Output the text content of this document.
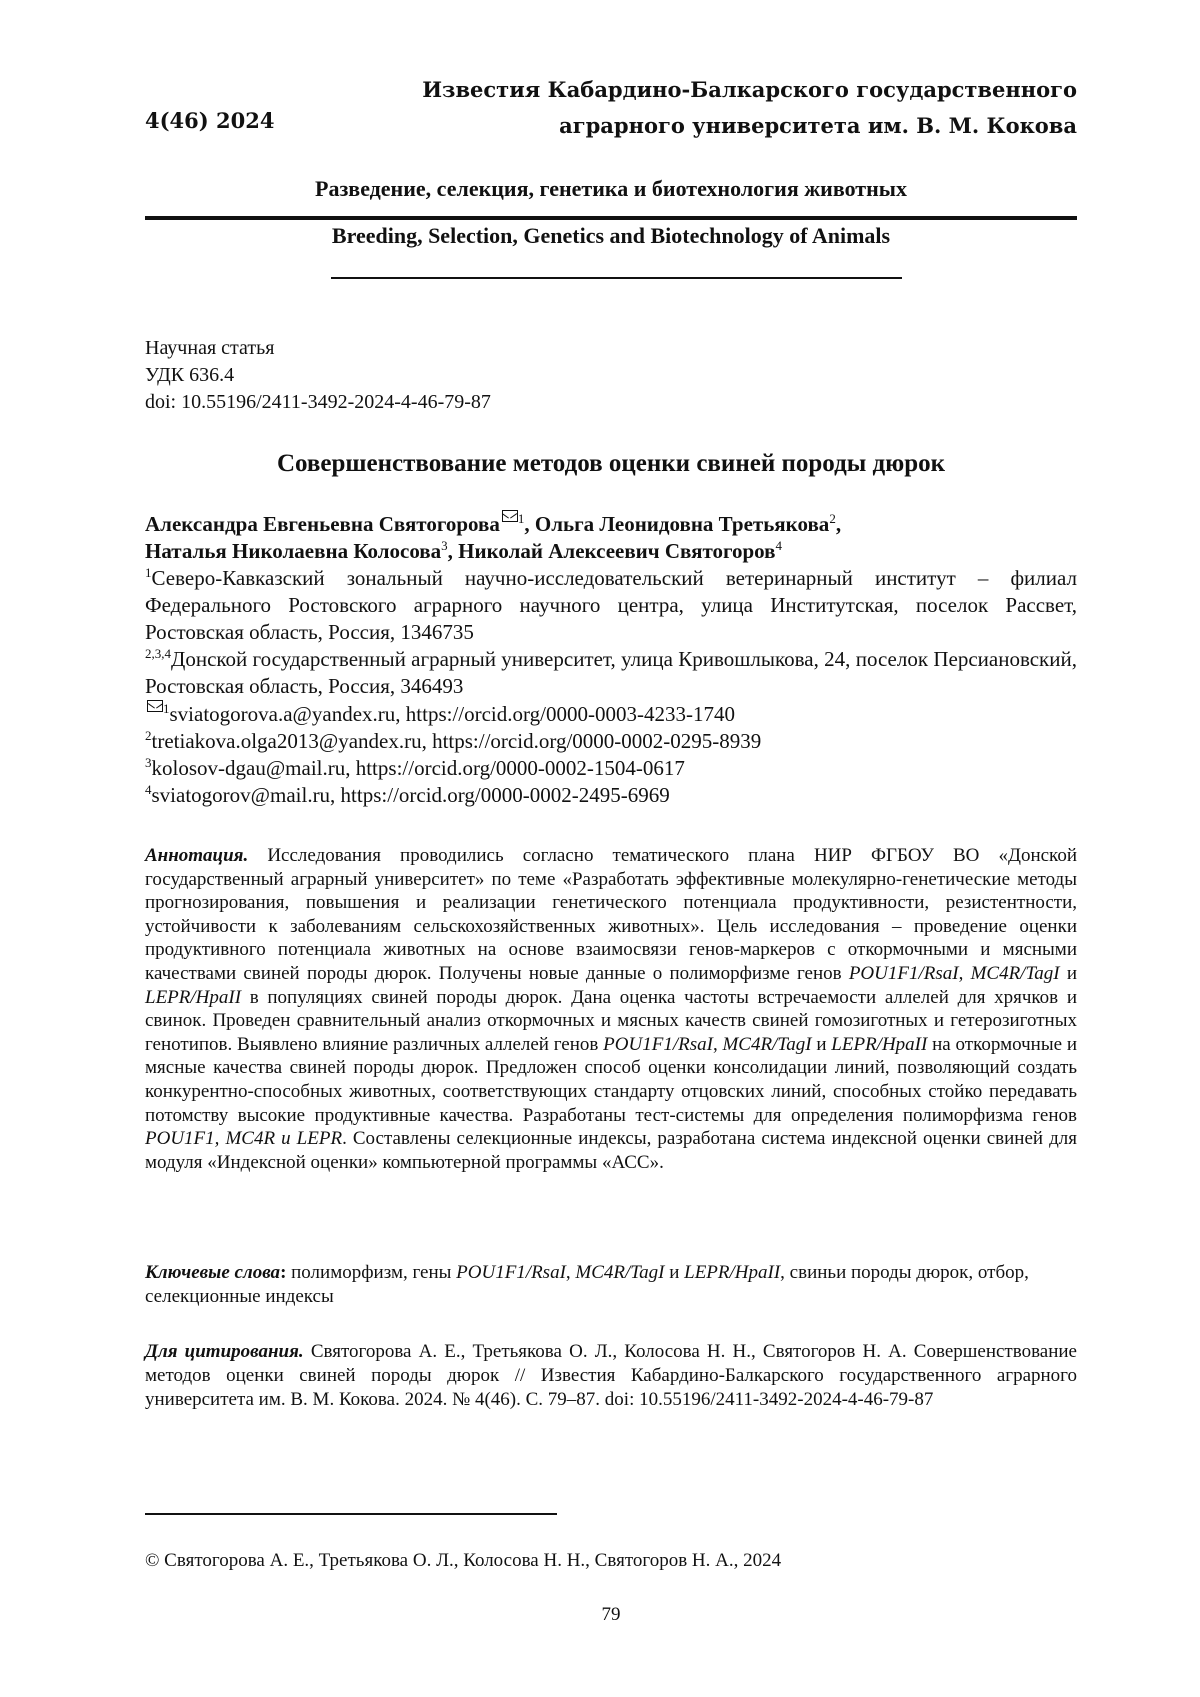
4(46) 2024
Известия Кабардино-Балкарского государственного
аграрного университета им. В. М. Кокова
Разведение, селекция, генетика и биотехнология животных
Breeding, Selection, Genetics and Biotechnology of Animals
Научная статья
УДК 636.4
doi: 10.55196/2411-3492-2024-4-46-79-87
Совершенствование методов оценки свиней породы дюрок
Александра Евгеньевна Святогорова $^1$, Ольга Леонидовна Третьякова$^2$,
Наталья Николаевна Колосова$^3$, Николай Алексеевич Святогоров$^4$
$^1$Северо-Кавказский зональный научно-исследовательский ветеринарный институт – филиал Федерального Ростовского аграрного научного центра, улица Институтская, поселок Рассвет, Ростовская область, Россия, 1346735
$^{2,3,4}$Донской государственный аграрный университет, улица Кривошлыкова, 24, поселок Персиановский, Ростовская область, Россия, 346493
$^1$sviatogorova.a@yandex.ru, https://orcid.org/0000-0003-4233-1740
$^2$tretiakova.olga2013@yandex.ru, https://orcid.org/0000-0002-0295-8939
$^3$kolosov-dgau@mail.ru, https://orcid.org/0000-0002-1504-0617
$^4$sviatogorov@mail.ru, https://orcid.org/0000-0002-2495-6969
Аннотация. Исследования проводились согласно тематического плана НИР ФГБОУ ВО «Донской государственный аграрный университет» по теме «Разработать эффективные молекулярно-генетические методы прогнозирования, повышения и реализации генетического потенциала продуктивности, резистентности, устойчивости к заболеваниям сельскохозяйственных животных». Цель исследования – проведение оценки продуктивного потенциала животных на основе взаимосвязи генов-маркеров с откормочными и мясными качествами свиней породы дюрок. Получены новые данные о полиморфизме генов POU1F1/RsaI, MC4R/TagI и LEPR/HpaII в популяциях свиней породы дюрок. Дана оценка частоты встречаемости аллелей для хрячков и свинок. Проведен сравнительный анализ откормочных и мясных качеств свиней гомозиготных и гетерозиготных генотипов. Выявлено влияние различных аллелей генов POU1F1/RsaI, MC4R/TagI и LEPR/HpaII на откормочные и мясные качества свиней породы дюрок. Предложен способ оценки консолидации линий, позволяющий создать конкурентно-способных животных, соответствующих стандарту отцовских линий, способных стойко передавать потомству высокие продуктивные качества. Разработаны тест-системы для определения полиморфизма генов POU1F1, MC4R и LEPR. Составлены селекционные индексы, разработана система индексной оценки свиней для модуля «Индексной оценки» компьютерной программы «АСС».
Ключевые слова: полиморфизм, гены POU1F1/RsaI, MC4R/TagI и LEPR/HpaII, свиньи породы дюрок, отбор, селекционные индексы
Для цитирования. Святогорова А. Е., Третьякова О. Л., Колосова Н. Н., Святогоров Н. А. Совершенствование методов оценки свиней породы дюрок // Известия Кабардино-Балкарского государственного аграрного университета им. В. М. Кокова. 2024. № 4(46). С. 79–87. doi: 10.55196/2411-3492-2024-4-46-79-87
© Святогорова А. Е., Третьякова О. Л., Колосова Н. Н., Святогоров Н. А., 2024
79
